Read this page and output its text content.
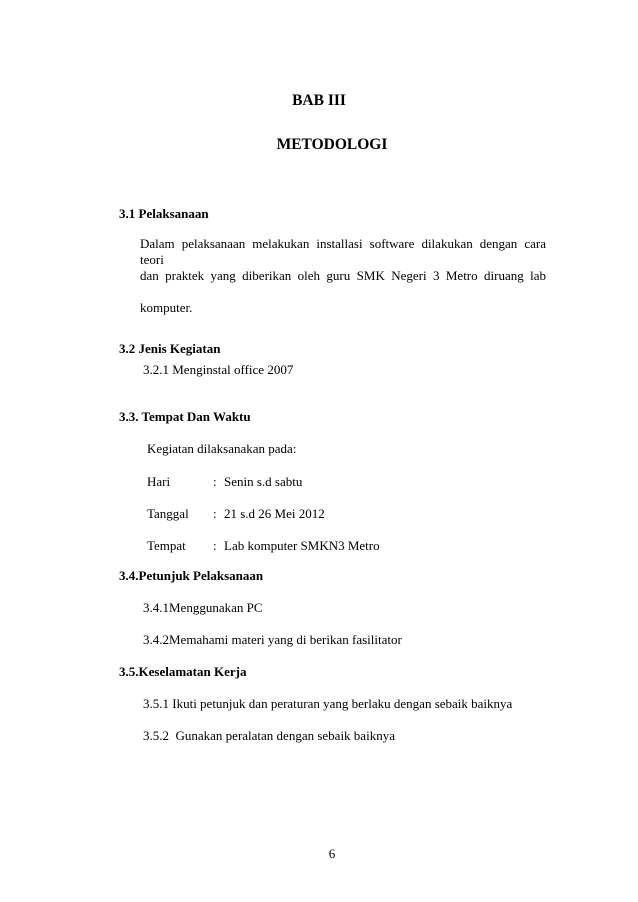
BAB III
METODOLOGI
3.1 Pelaksanaan
Dalam pelaksanaan melakukan installasi software dilakukan dengan cara teori
dan praktek yang diberikan oleh guru SMK Negeri 3 Metro diruang lab
komputer.
3.2 Jenis Kegiatan
3.2.1 Menginstal office 2007
3.3. Tempat Dan Waktu
Kegiatan dilaksanakan pada:
Hari	: Senin s.d sabtu
Tanggal : 21 s.d 26 Mei 2012
Tempat : Lab komputer SMKN3 Metro
3.4.Petunjuk Pelaksanaan
3.4.1Menggunakan PC
3.4.2Memahami materi yang di berikan fasilitator
3.5.Keselamatan Kerja
3.5.1 Ikuti petunjuk dan peraturan yang berlaku dengan sebaik baiknya
3.5.2  Gunakan peralatan dengan sebaik baiknya
6
